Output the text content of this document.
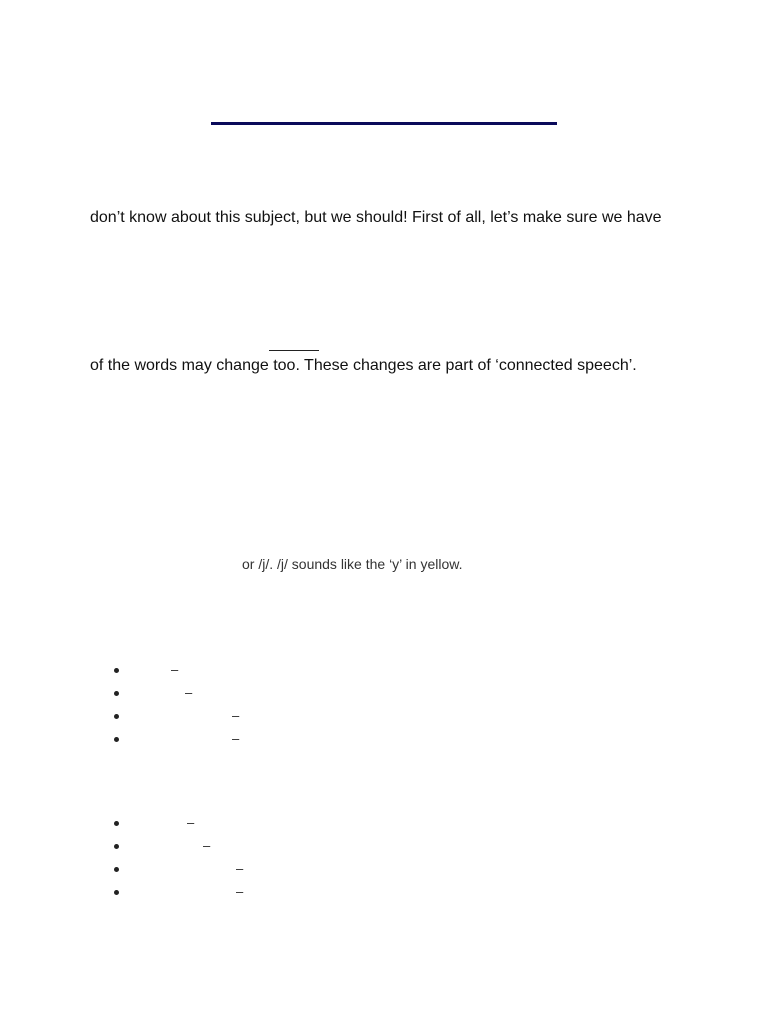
don’t know about this subject, but we should! First of all, let’s make sure we have

of the words may change too. These changes are part of ‘connected speech’.

or /j/. /j/ sounds like the ‘y’ in yellow.

–
–
–
–
–
–
–
–
